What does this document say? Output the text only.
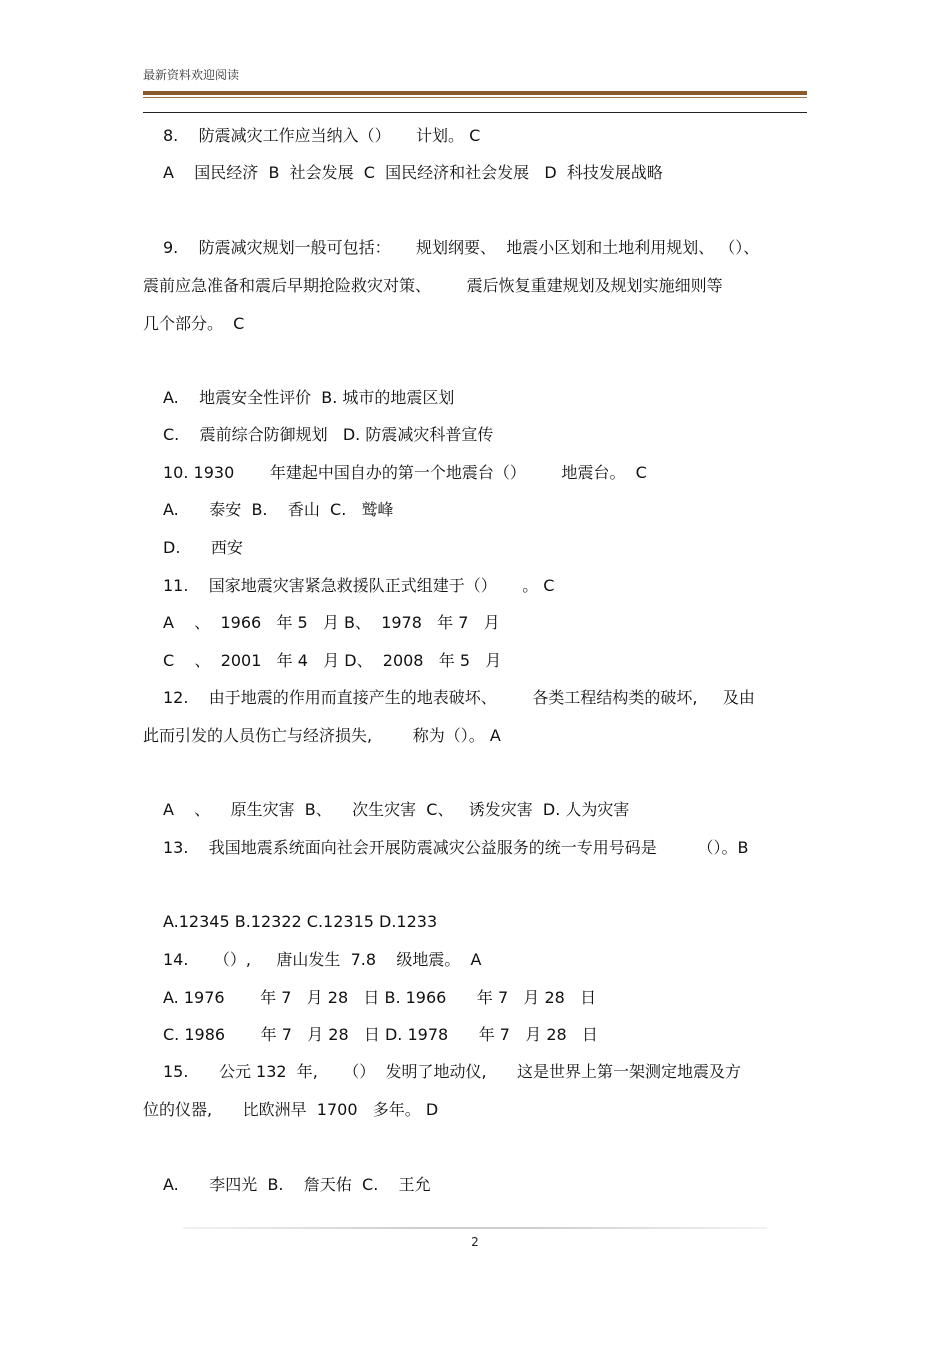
最新资料欢迎阅读
8.    防震减灾工作应当纳入（）     计划。 C
A    国民经济  B  社会发展  C  国民经济和社会发展   D  科技发展战略
9.    防震减灾规划一般可包括：     规划纲要、  地震小区划和土地利用规划、 （）、
震前应急准备和震后早期抢险救灾对策、       震后恢复重建规划及规划实施细则等
几个部分。  C
A.    地震安全性评价  B. 城市的地震区划
C.    震前综合防御规划   D. 防震减灾科普宣传
10. 1930       年建起中国自办的第一个地震台（）       地震台。  C
A.      泰安  B.    香山  C.   鹫峰
D.      西安
11.    国家地震灾害紧急救援队正式组建于（）     。 C
A    、  1966   年 5   月 B、  1978   年 7   月
C    、  2001   年 4   月 D、  2008   年 5   月
12.    由于地震的作用而直接产生的地表破坏、       各类工程结构类的破坏,     及由
此而引发的人员伤亡与经济损失,        称为（）。 A
A    、    原生灾害  B、    次生灾害  C、   诱发灾害  D. 人为灾害
13.    我国地震系统面向社会开展防震减灾公益服务的统一专用号码是        （）。B
A.12345 B.12322 C.12315 D.1233
14.     （）,     唐山发生  7.8    级地震。  A
A. 1976       年 7   月 28   日 B. 1966      年 7   月 28   日
C. 1986       年 7   月 28   日 D. 1978      年 7   月 28   日
15.      公元 132  年,     （）  发明了地动仪,      这是世界上第一架测定地震及方
位的仪器,      比欧洲早  1700   多年。 D
A.      李四光  B.    詹天佑  C.    王允
2
